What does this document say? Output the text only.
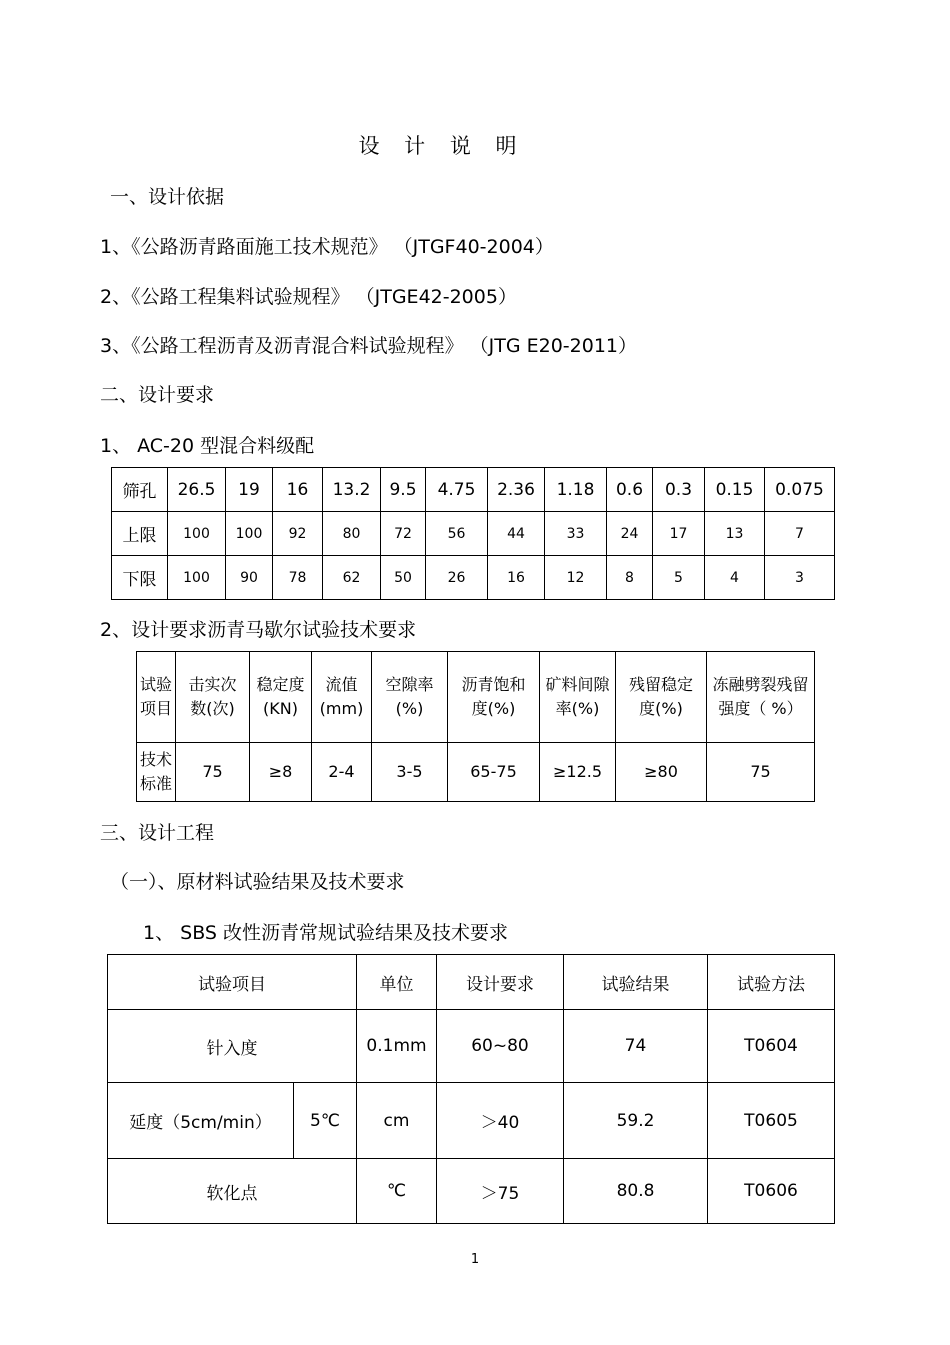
设 计 说 明
一、设计依据
1、《公路沥青路面施工技术规范》 （JTGF40-2004）
2、《公路工程集料试验规程》 （JTGE42-2005）
3、《公路工程沥青及沥青混合料试验规程》 （JTG E20-2011）
二、设计要求
1、 AC-20 型混合料级配
筛孔	26.5	19	16	13.2	9.5	4.75	2.36	1.18	0.6	0.3	0.15	0.075
上限	100	100	92	80	72	56	44	33	24	17	13	7
下限	100	90	78	62	50	26	16	12	8	5	4	3
2、设计要求沥青马歇尔试验技术要求
试验项目	击实次数(次)	稳定度(KN)	流值(mm)	空隙率(%)	沥青饱和度(%)	矿料间隙率(%)	残留稳定度(%)	冻融劈裂残留强度（ %）
技术标准	75	≥8	2-4	3-5	65-75	≥12.5	≥80	75
三、设计工程
（一）、原材料试验结果及技术要求
1、 SBS 改性沥青常规试验结果及技术要求
试验项目		单位	设计要求	试验结果	试验方法
针入度		0.1mm	60~80	74	T0604
延度（5cm/min）	5℃	cm	＞40	59.2	T0605
软化点		℃	＞75	80.8	T0606
1
